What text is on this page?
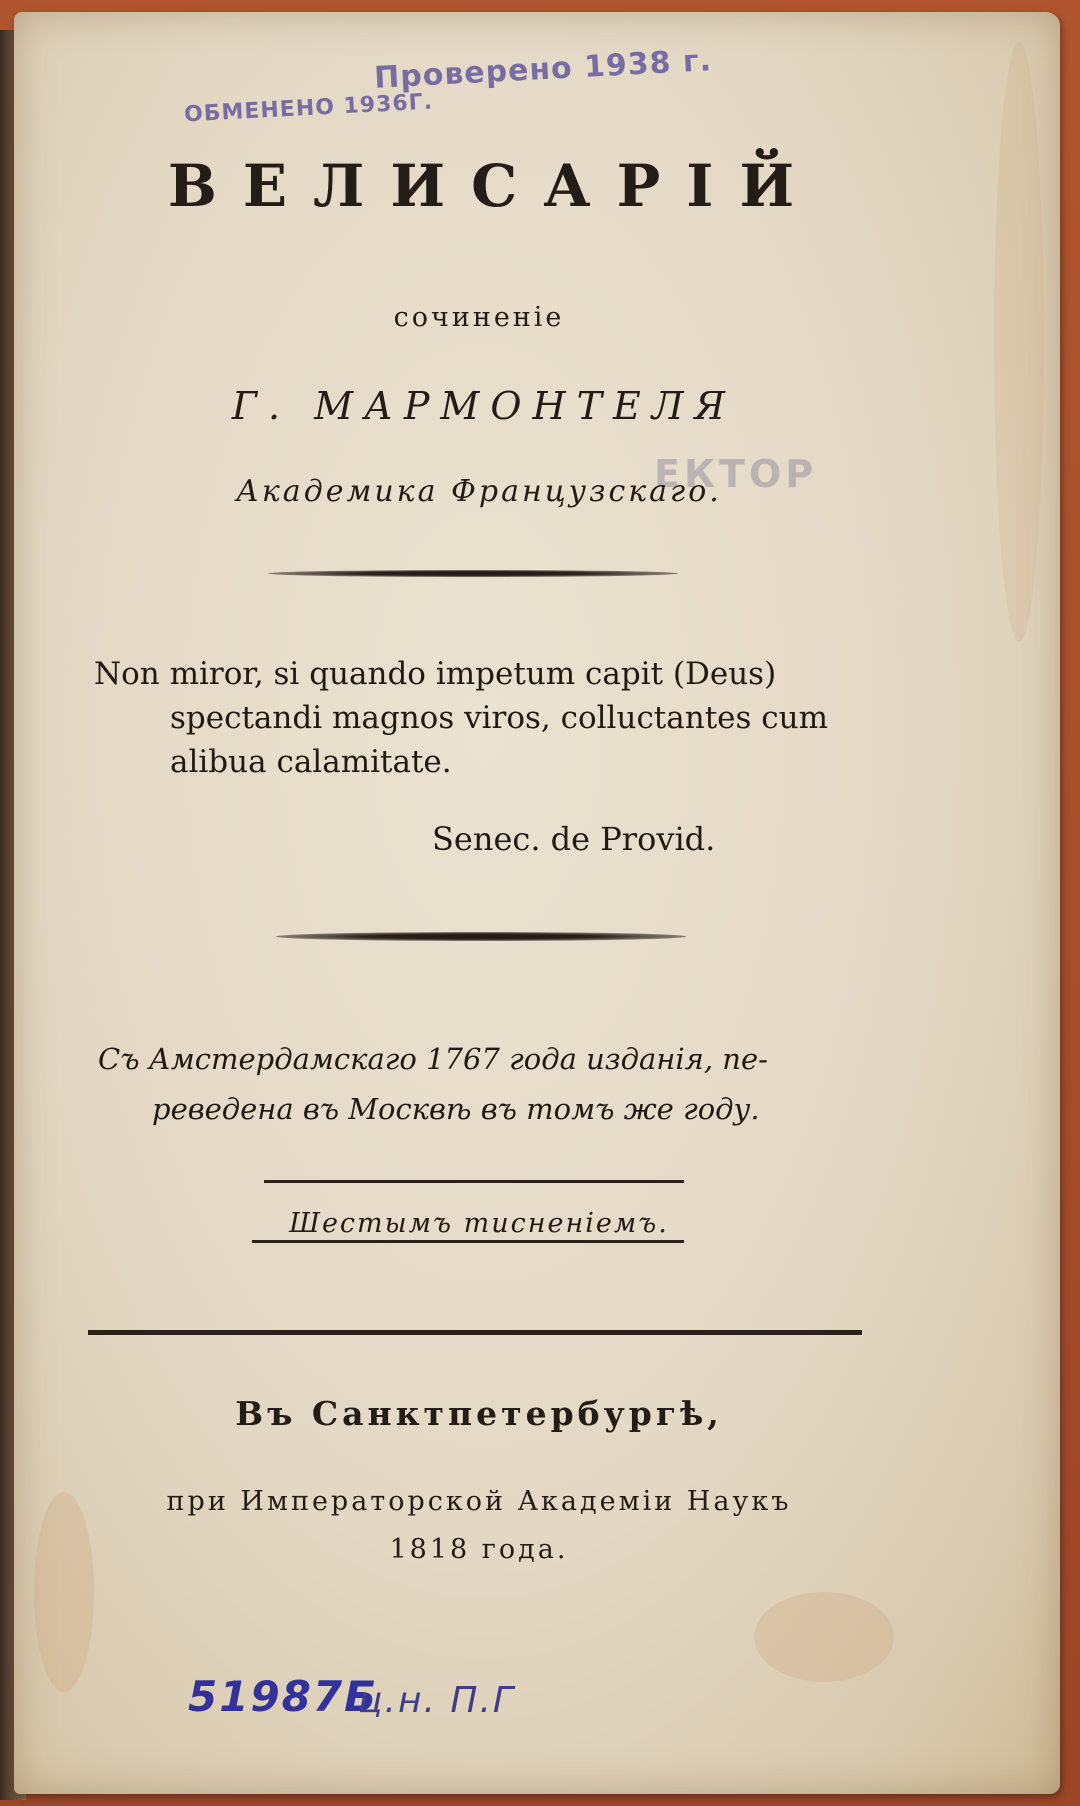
ОБМЕНЕНО 1936Г.
Проверено 1938 г.
ЕКТОР
ВЕЛИСАРІЙ
сочиненіе
Г. МАРМОНТЕЛЯ
Академика Французскаго.
Non miror, si quando impetum capit (Deus)
spectandi magnos viros, colluctantes cum
alibua calamitate.
Senec. de Provid.
Съ Амстердамскаго 1767 года изданія, пе-
реведена въ Москвѣ въ томъ же году.
Шестымъ тисненіемъ.
Въ Санктпетербургѣ,
при Императорской Академіи Наукъ
1818 года.
51987Б
ц.н. П.Г
